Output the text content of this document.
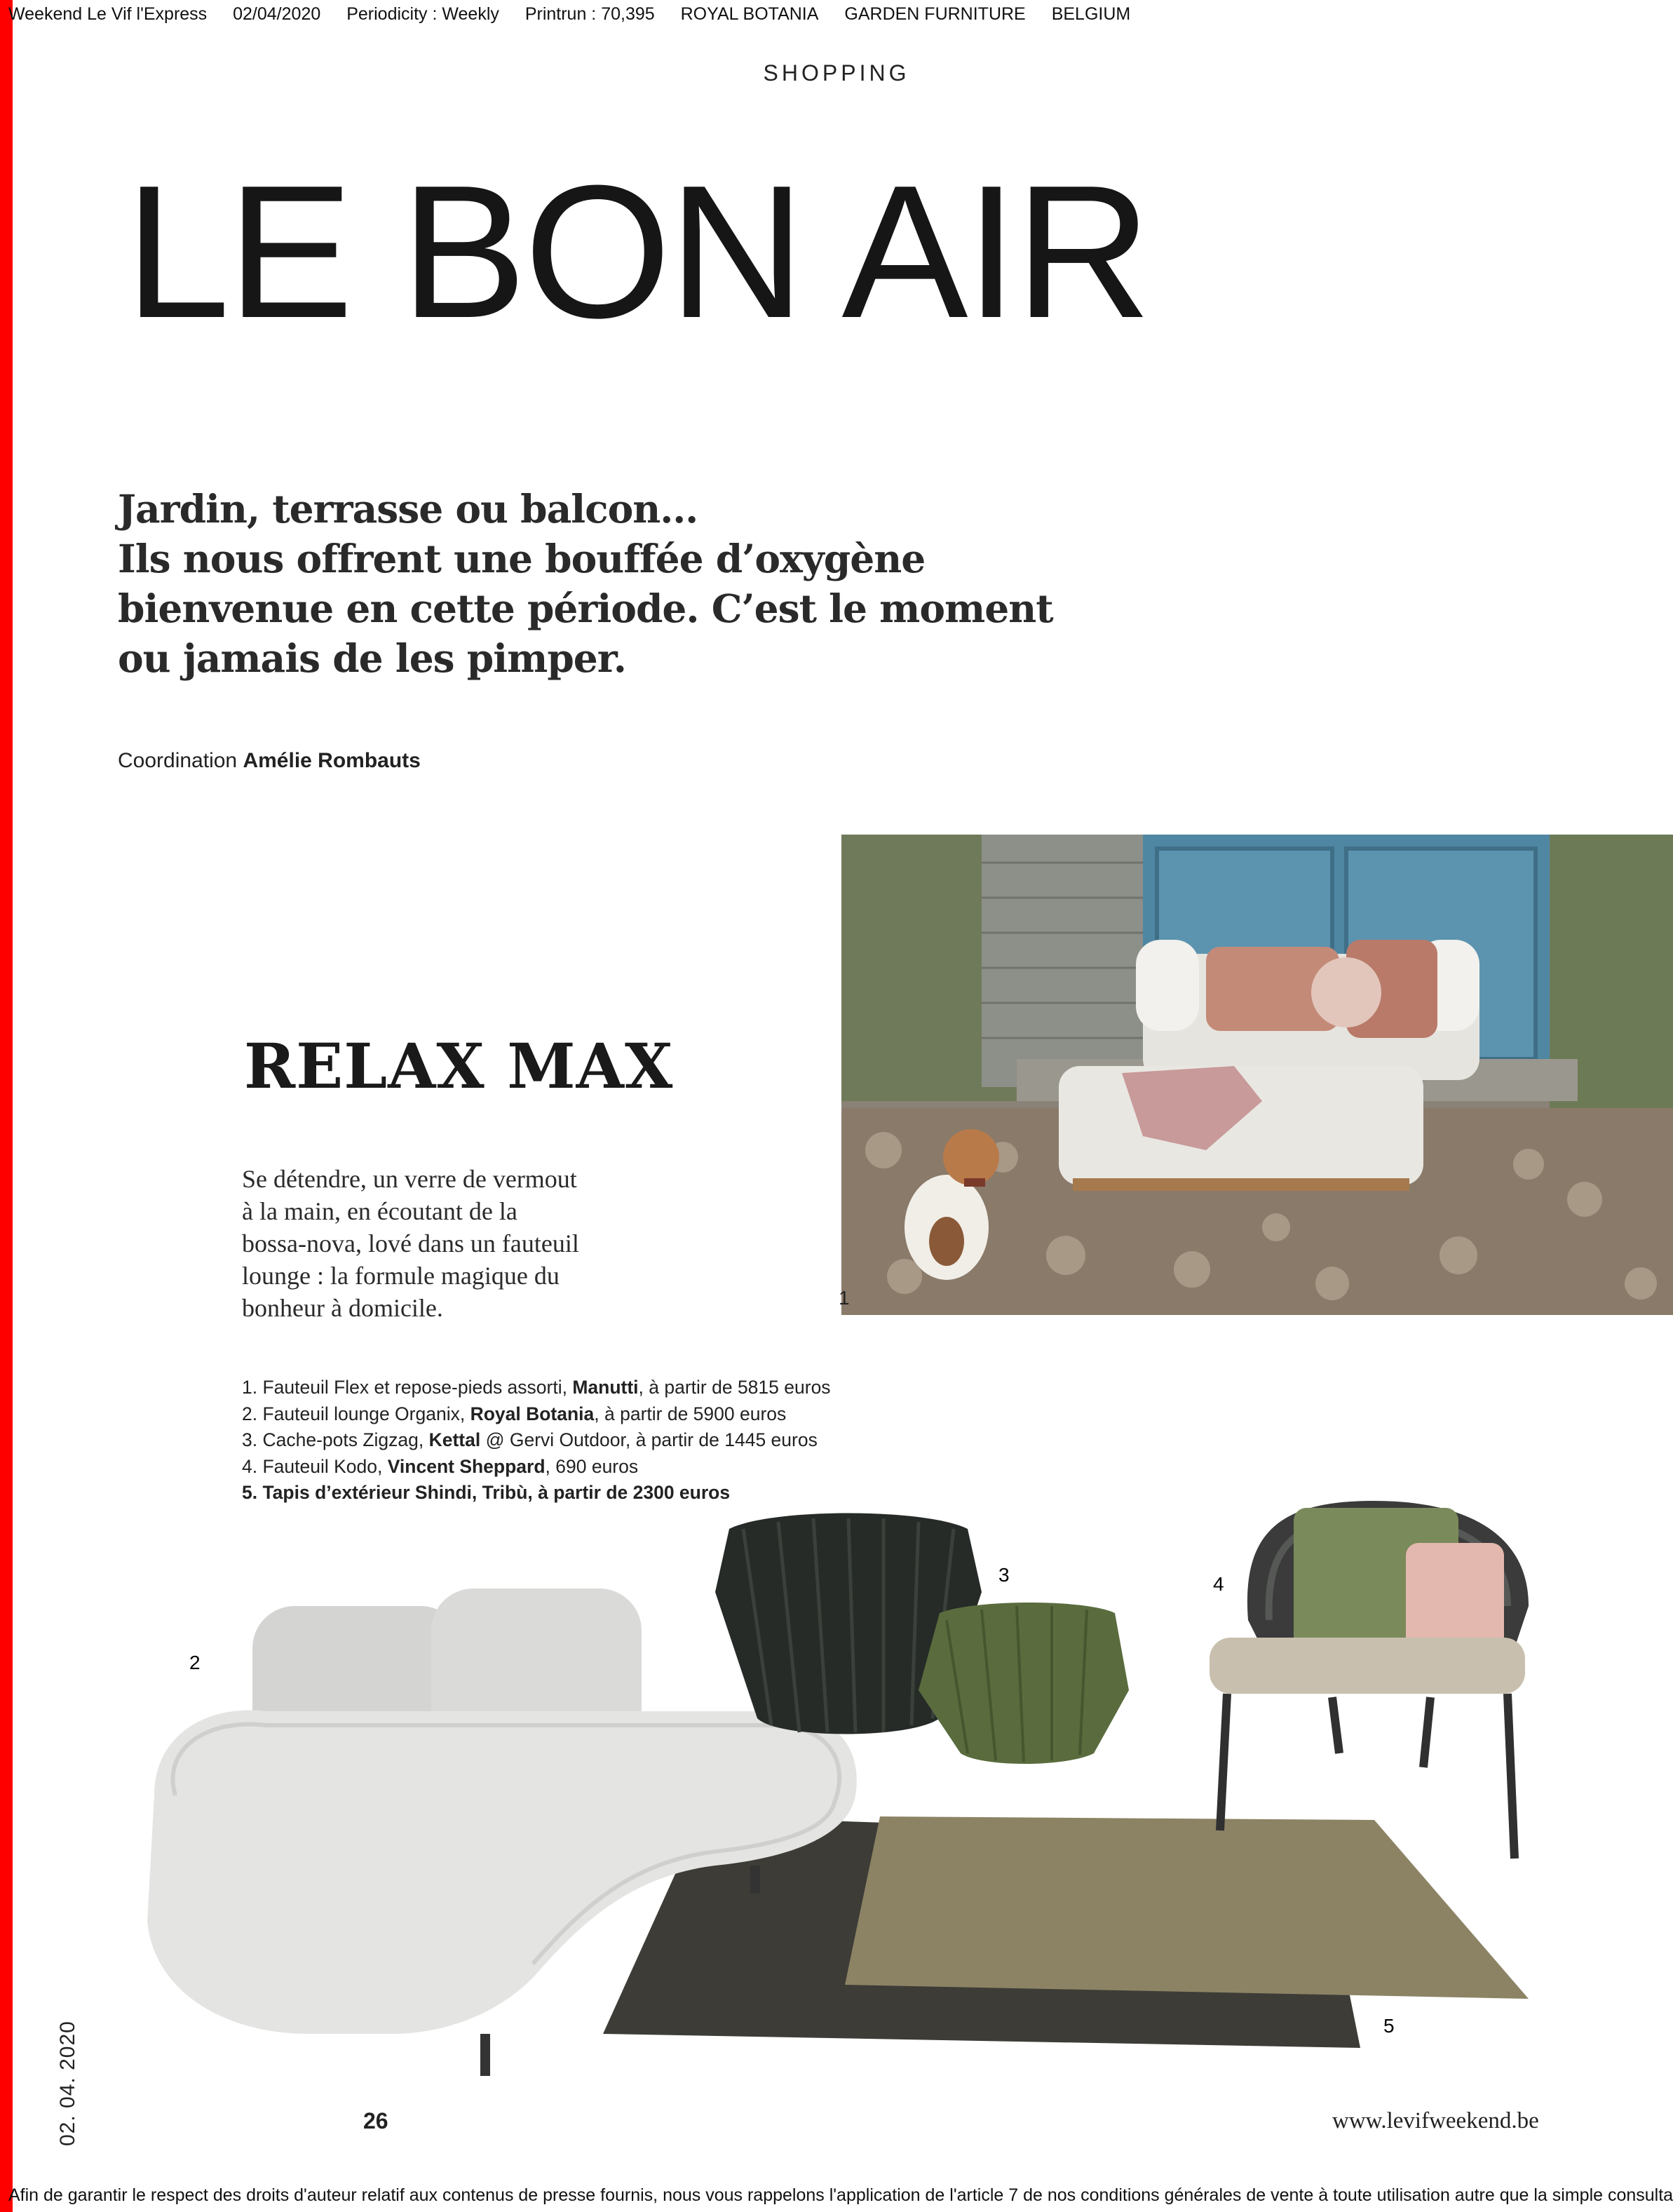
Weekend Le Vif l'Express 02/04/2020 Periodicity : Weekly Printrun : 70,395 ROYAL BOTANIA GARDEN FURNITURE BELGIUM
SHOPPING
LE BON AIR
Jardin, terrasse ou balcon…
Ils nous offrent une bouffée d’oxygène
bienvenue en cette période. C’est le moment
ou jamais de les pimper.
Coordination Amélie Rombauts
1
RELAX MAX
Se détendre, un verre de vermout
à la main, en écoutant de la
bossa-nova, lové dans un fauteuil
lounge : la formule magique du
bonheur à domicile.
1. Fauteuil Flex et repose-pieds assorti, Manutti, à partir de 5815 euros
2. Fauteuil lounge Organix, Royal Botania, à partir de 5900 euros
3. Cache-pots Zigzag, Kettal @ Gervi Outdoor, à partir de 1445 euros
4. Fauteuil Kodo, Vincent Sheppard, 690 euros
5. Tapis d’extérieur Shindi, Tribù, à partir de 2300 euros
2
3	4
5
26
02. 04. 2020	www.levifweekend.be
Afin de garantir le respect des droits d'auteur relatif aux contenus de presse fournis, nous vous rappelons l'application de l'article 7 de nos conditions générales de vente à toute utilisation autre que la simple consulta
